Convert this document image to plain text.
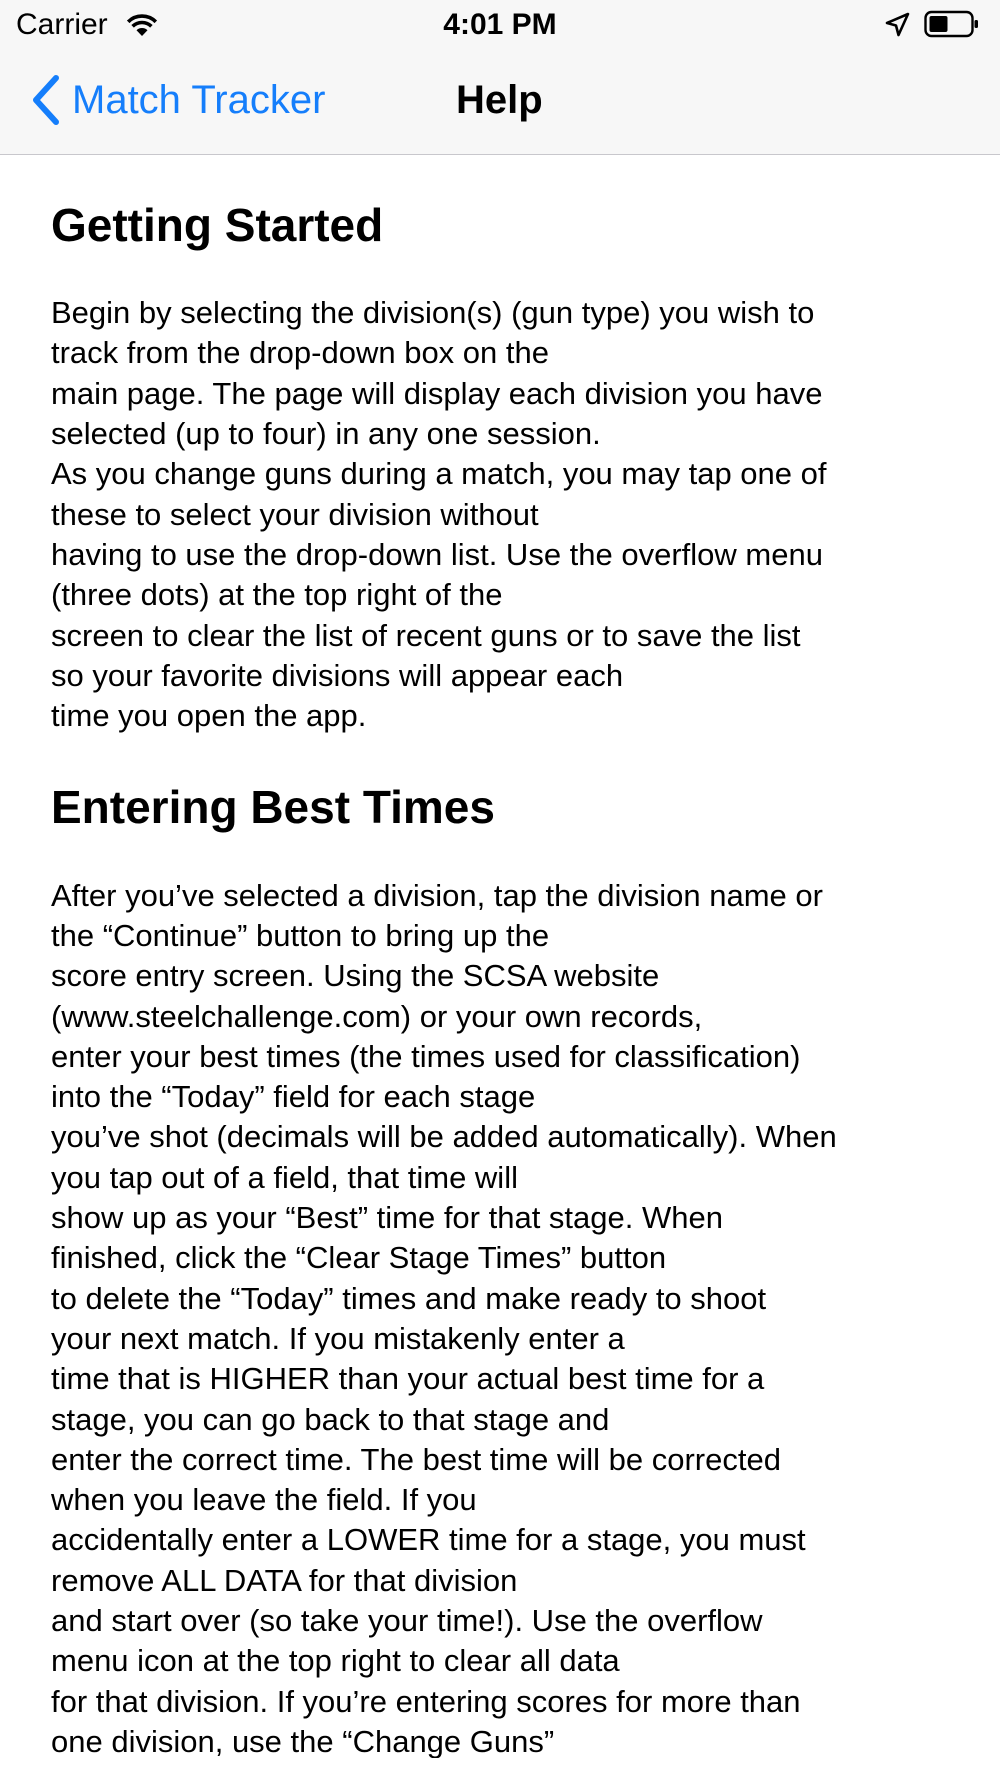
Carrier	4:01 PM
Match Tracker	Help
Getting Started

Begin by selecting the division(s) (gun type) you wish to
track from the drop-down box on the
main page. The page will display each division you have
selected (up to four) in any one session.
As you change guns during a match, you may tap one of
these to select your division without
having to use the drop-down list. Use the overflow menu
(three dots) at the top right of the
screen to clear the list of recent guns or to save the list
so your favorite divisions will appear each
time you open the app.

Entering Best Times

After you’ve selected a division, tap the division name or
the “Continue” button to bring up the
score entry screen. Using the SCSA website
(www.steelchallenge.com) or your own records,
enter your best times (the times used for classification)
into the “Today” field for each stage
you’ve shot (decimals will be added automatically). When
you tap out of a field, that time will
show up as your “Best” time for that stage. When
finished, click the “Clear Stage Times” button
to delete the “Today” times and make ready to shoot
your next match. If you mistakenly enter a
time that is HIGHER than your actual best time for a
stage, you can go back to that stage and
enter the correct time. The best time will be corrected
when you leave the field. If you
accidentally enter a LOWER time for a stage, you must
remove ALL DATA for that division
and start over (so take your time!). Use the overflow
menu icon at the top right to clear all data
for that division. If you’re entering scores for more than
one division, use the “Change Guns”
